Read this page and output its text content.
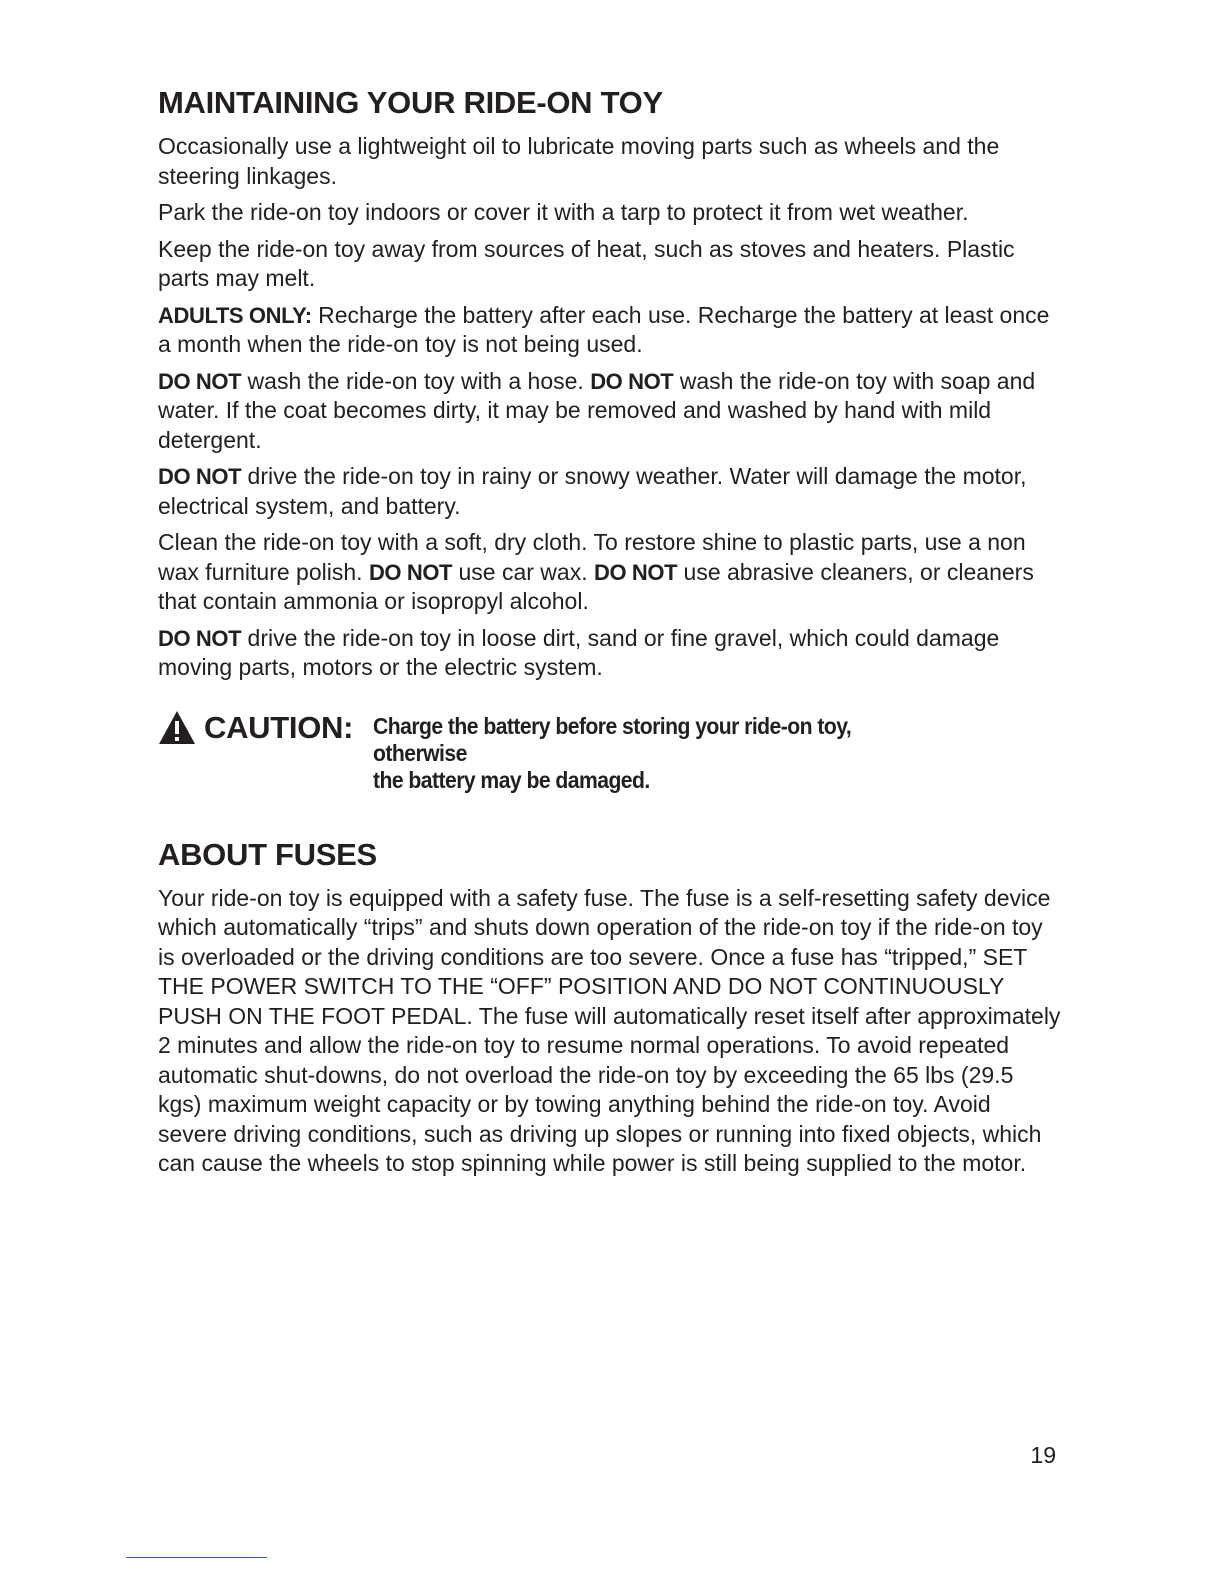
MAINTAINING YOUR RIDE-ON TOY

Occasionally use a lightweight oil to lubricate moving parts such as wheels and the steering linkages.

Park the ride-on toy indoors or cover it with a tarp to protect it from wet weather.

Keep the ride-on toy away from sources of heat, such as stoves and heaters. Plastic parts may melt.

ADULTS ONLY: Recharge the battery after each use. Recharge the battery at least once a month when the ride-on toy is not being used.

DO NOT wash the ride-on toy with a hose. DO NOT wash the ride-on toy with soap and water. If the coat becomes dirty, it may be removed and washed by hand with mild detergent.

DO NOT drive the ride-on toy in rainy or snowy weather. Water will damage the motor, electrical system, and battery.

Clean the ride-on toy with a soft, dry cloth. To restore shine to plastic parts, use a non wax furniture polish. DO NOT use car wax. DO NOT use abrasive cleaners, or cleaners that contain ammonia or isopropyl alcohol.

DO NOT drive the ride-on toy in loose dirt, sand or fine gravel, which could damage moving parts, motors or the electric system.

CAUTION: Charge the battery before storing your ride-on toy, otherwise
the battery may be damaged.
ABOUT FUSES

Your ride-on toy is equipped with a safety fuse. The fuse is a self-resetting safety device which automatically “trips” and shuts down operation of the ride-on toy if the ride-on toy is overloaded or the driving conditions are too severe. Once a fuse has “tripped,” SET THE POWER SWITCH TO THE “OFF” POSITION AND DO NOT CONTINUOUSLY PUSH ON THE FOOT PEDAL. The fuse will automatically reset itself after approximately 2 minutes and allow the ride-on toy to resume normal operations. To avoid repeated automatic shut-downs, do not overload the ride-on toy by exceeding the 65 lbs (29.5 kgs) maximum weight capacity or by towing anything behind the ride-on toy. Avoid severe driving conditions, such as driving up slopes or running into fixed objects, which can cause the wheels to stop spinning while power is still being supplied to the motor.

19
